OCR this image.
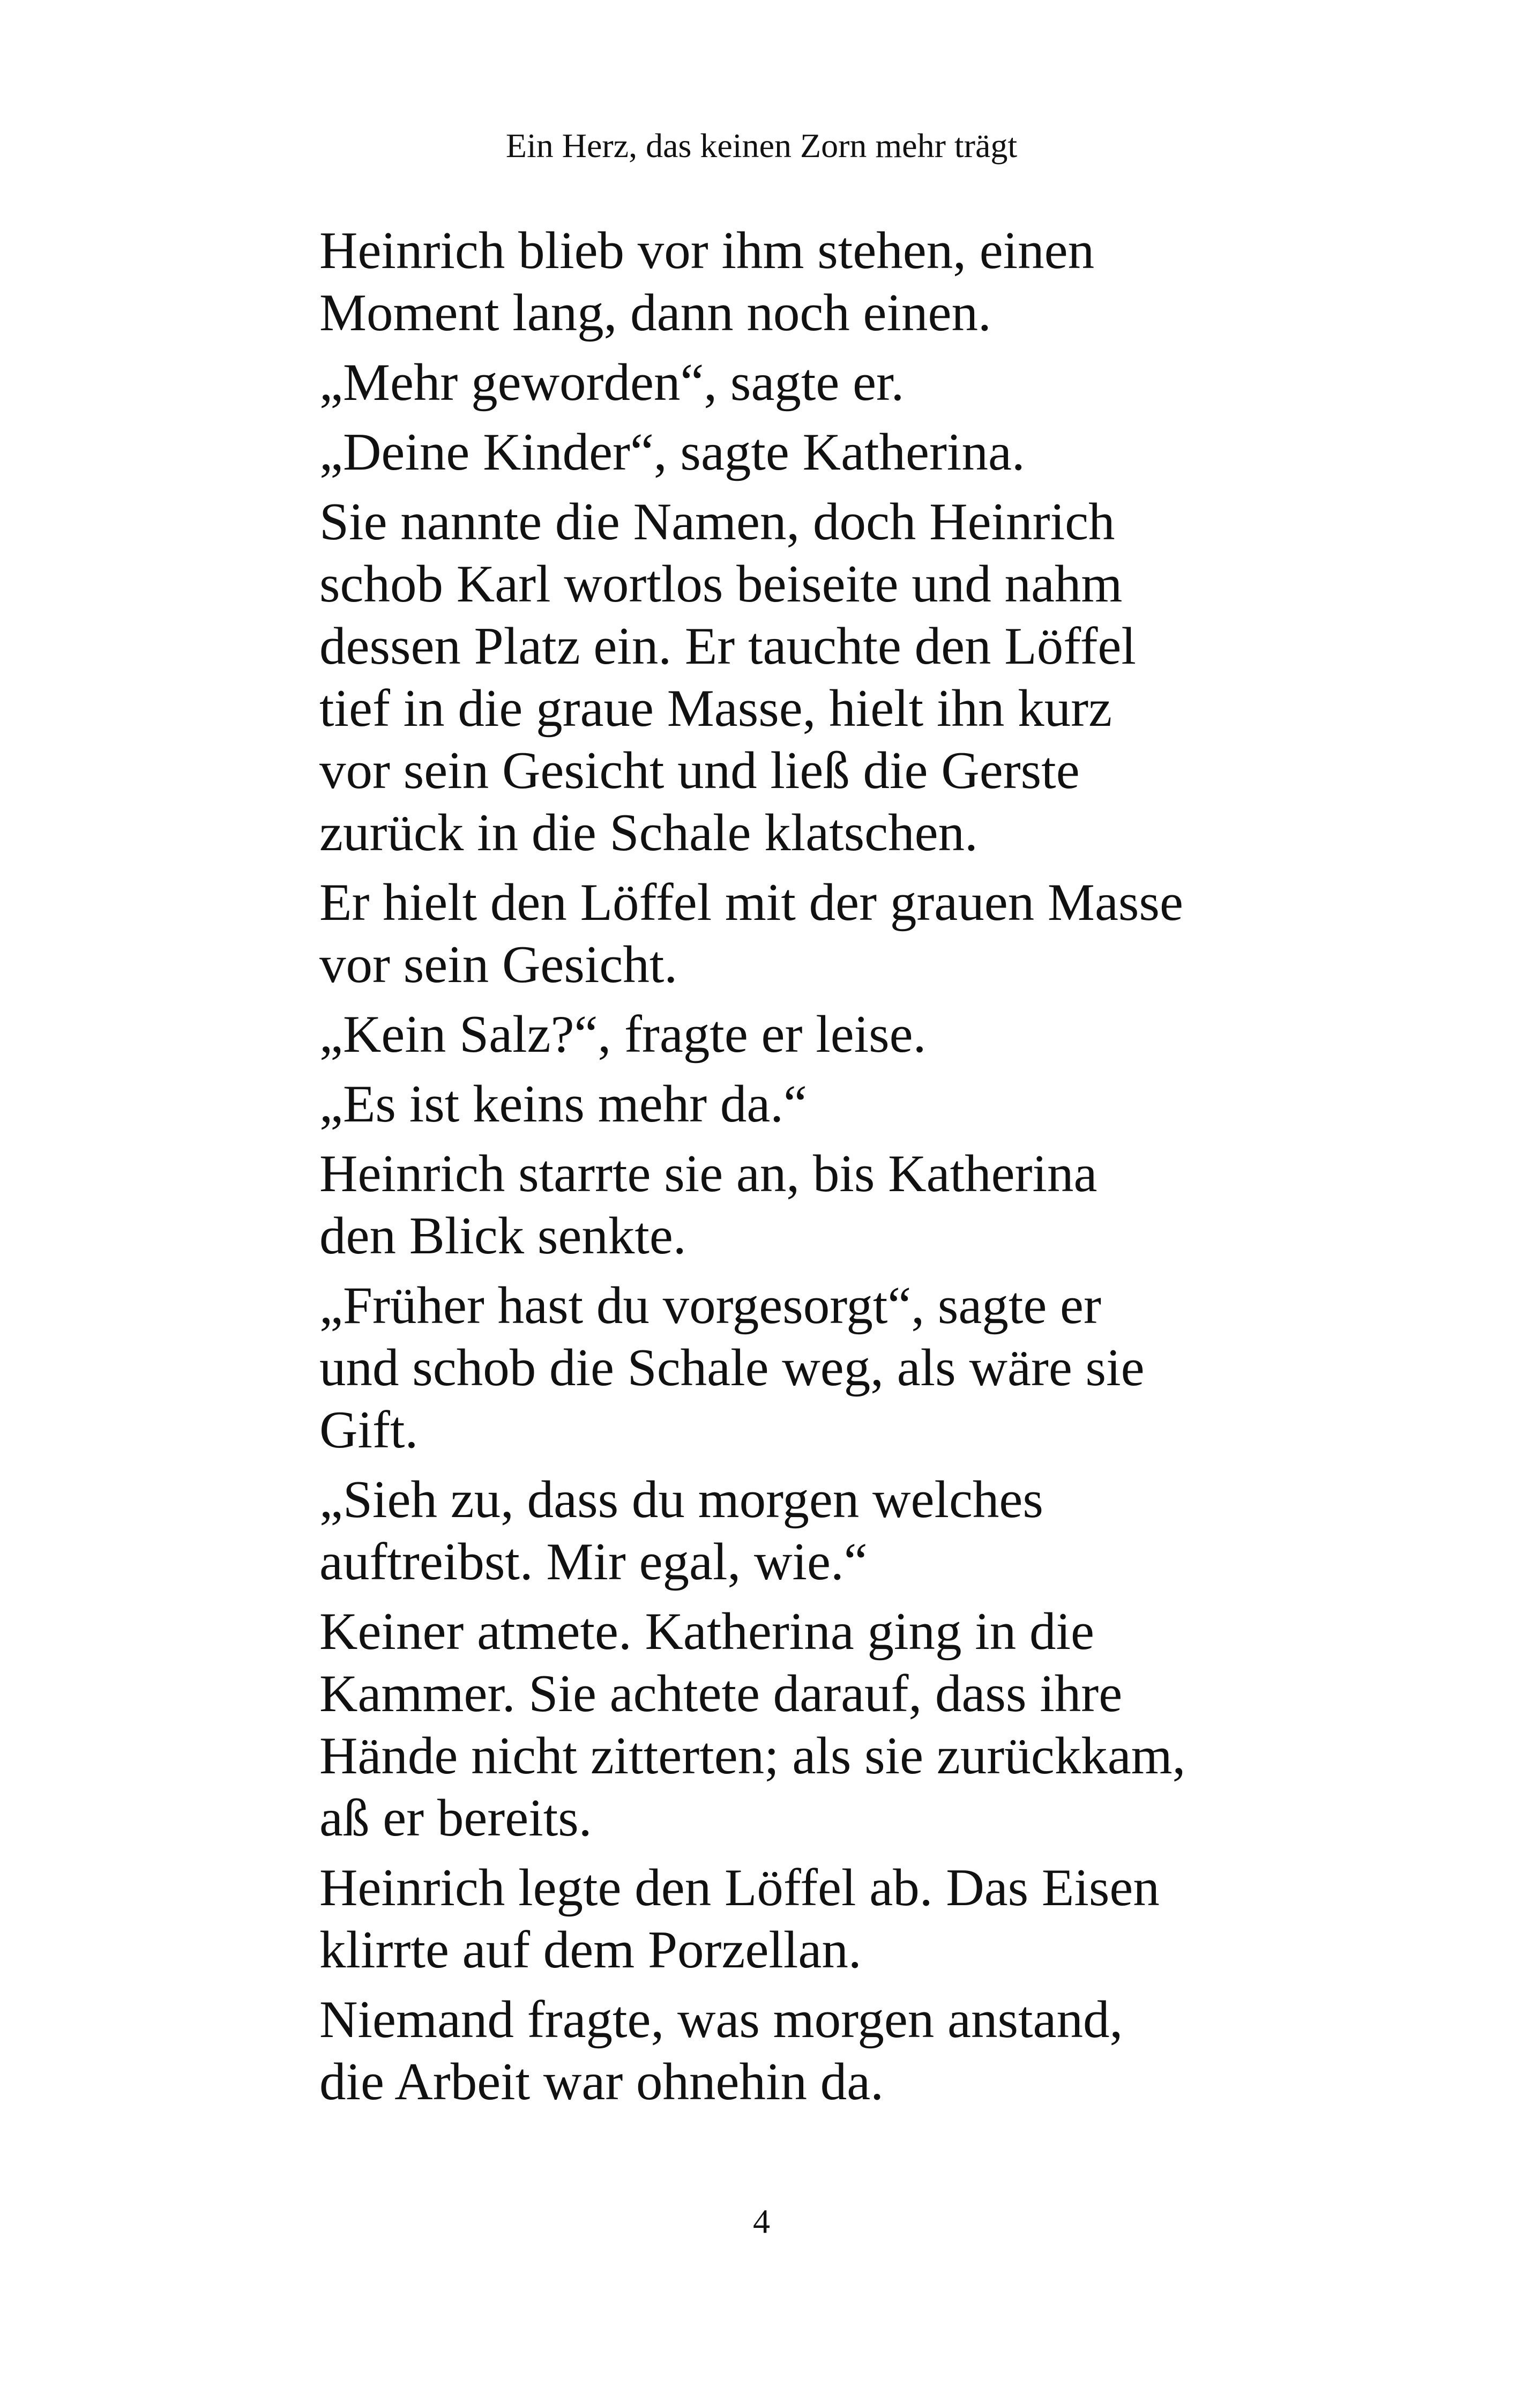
Ein Herz, das keinen Zorn mehr trägt

Heinrich blieb vor ihm stehen, einen
Moment lang, dann noch einen.

„Mehr geworden“, sagte er.

„Deine Kinder“, sagte Katherina.

Sie nannte die Namen, doch Heinrich
schob Karl wortlos beiseite und nahm
dessen Platz ein. Er tauchte den Löffel
tief in die graue Masse, hielt ihn kurz
vor sein Gesicht und ließ die Gerste
zurück in die Schale klatschen.

Er hielt den Löffel mit der grauen Masse
vor sein Gesicht.

„Kein Salz?“, fragte er leise.

„Es ist keins mehr da.“

Heinrich starrte sie an, bis Katherina
den Blick senkte.

„Früher hast du vorgesorgt“, sagte er
und schob die Schale weg, als wäre sie
Gift.

„Sieh zu, dass du morgen welches
auftreibst. Mir egal, wie.“

Keiner atmete. Katherina ging in die
Kammer. Sie achtete darauf, dass ihre
Hände nicht zitterten; als sie zurückkam,
aß er bereits.

Heinrich legte den Löffel ab. Das Eisen
klirrte auf dem Porzellan.

Niemand fragte, was morgen anstand,
die Arbeit war ohnehin da.

4
